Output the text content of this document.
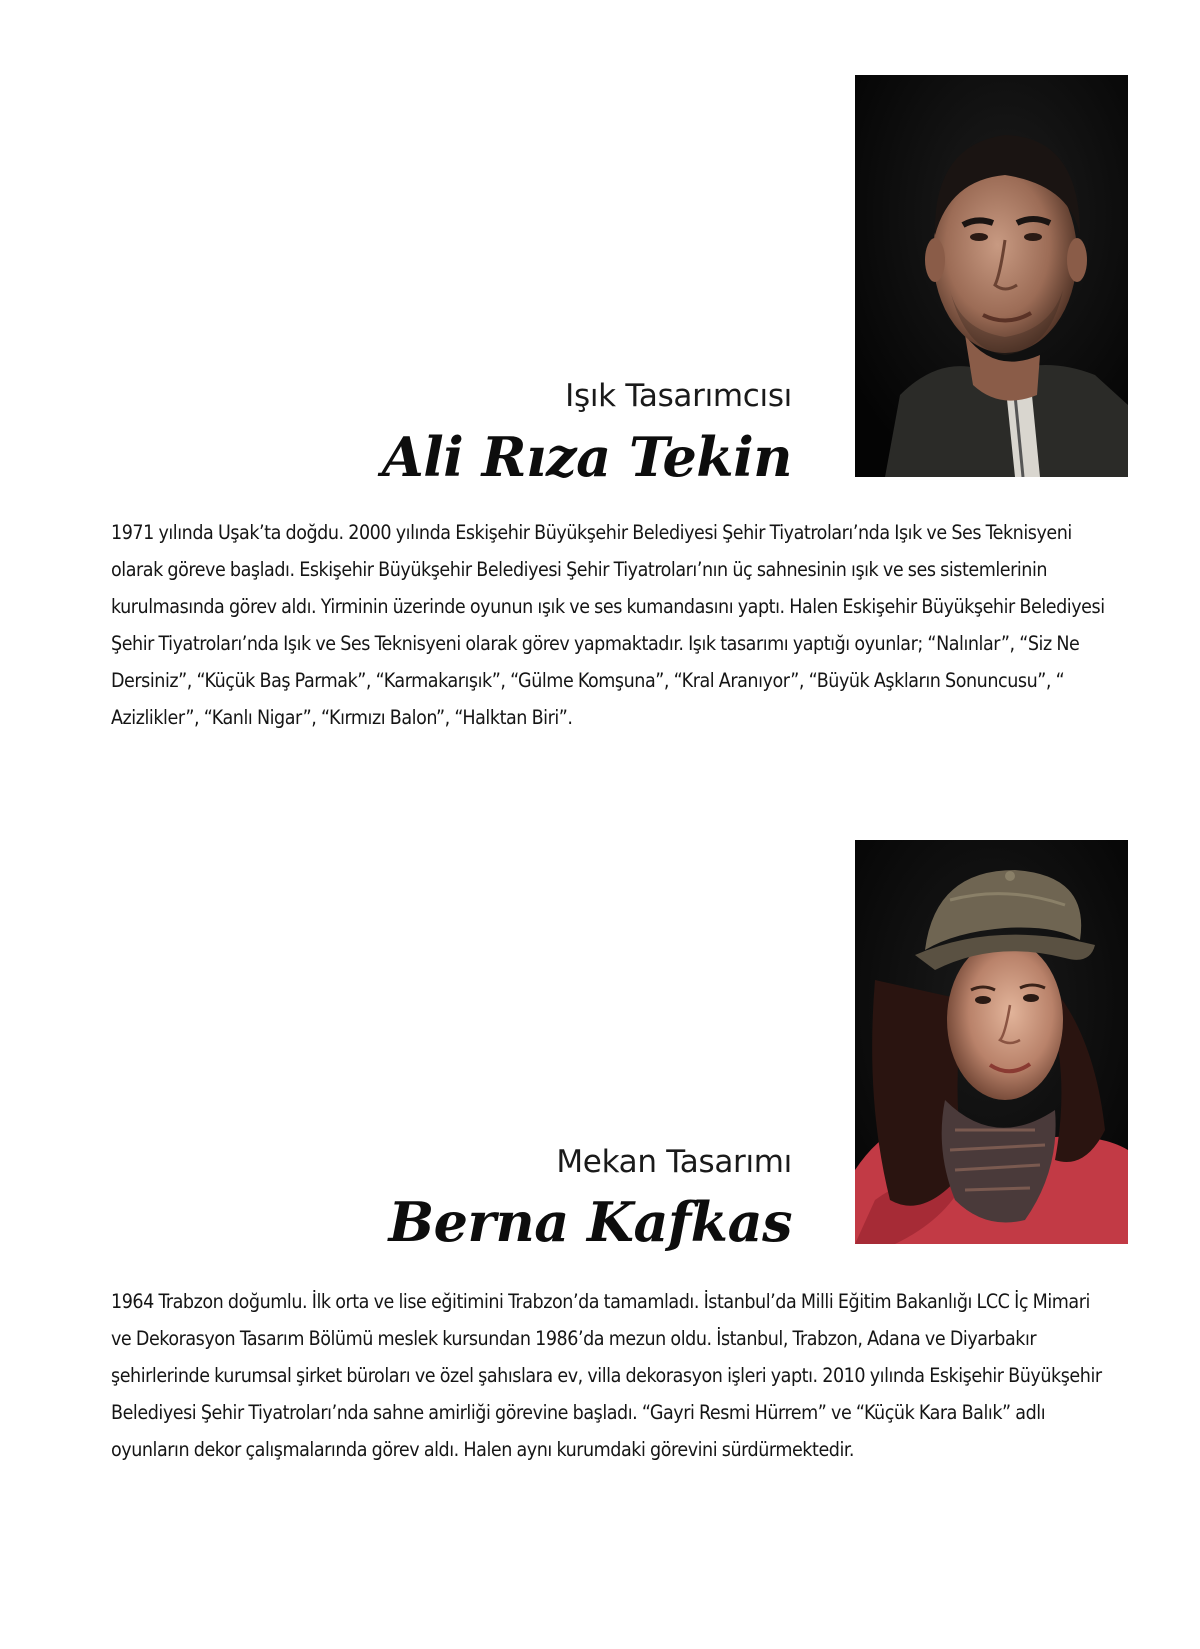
Işık Tasarımcısı
Ali Rıza Tekin

1971 yılında Uşak’ta doğdu. 2000 yılında Eskişehir Büyükşehir Belediyesi Şehir Tiyatroları’nda Işık ve Ses Teknisyeni olarak göreve başladı. Eskişehir Büyükşehir Belediyesi Şehir Tiyatroları’nın üç sahnesinin ışık ve ses sistemlerinin kurulmasında görev aldı. Yirminin üzerinde oyunun ışık ve ses kumandasını yaptı. Halen Eskişehir Büyükşehir Belediyesi Şehir Tiyatroları’nda Işık ve Ses Teknisyeni olarak görev yapmaktadır. Işık tasarımı yaptığı oyunlar; “Nalınlar”, “Siz Ne Dersiniz”, “Küçük Baş Parmak”, “Karmakarışık”, “Gülme Komşuna”, “Kral Aranıyor”, “Büyük Aşkların Sonuncusu”, “ Azizlikler”, “Kanlı Nigar”, “Kırmızı Balon”, “Halktan Biri”.

Mekan Tasarımı
Berna Kafkas

1964 Trabzon doğumlu. İlk orta ve lise eğitimini Trabzon’da tamamladı. İstanbul’da Milli Eğitim Bakanlığı LCC İç Mimari ve Dekorasyon Tasarım Bölümü meslek kursundan 1986’da mezun oldu. İstanbul, Trabzon, Adana ve Diyarbakır şehirlerinde kurumsal şirket büroları ve özel şahıslara ev, villa dekorasyon işleri yaptı. 2010 yılında Eskişehir Büyükşehir Belediyesi Şehir Tiyatroları’nda sahne amirliği görevine başladı. “Gayri Resmi Hürrem” ve “Küçük Kara Balık” adlı oyunların dekor çalışmalarında görev aldı. Halen aynı kurumdaki görevini sürdürmektedir.
